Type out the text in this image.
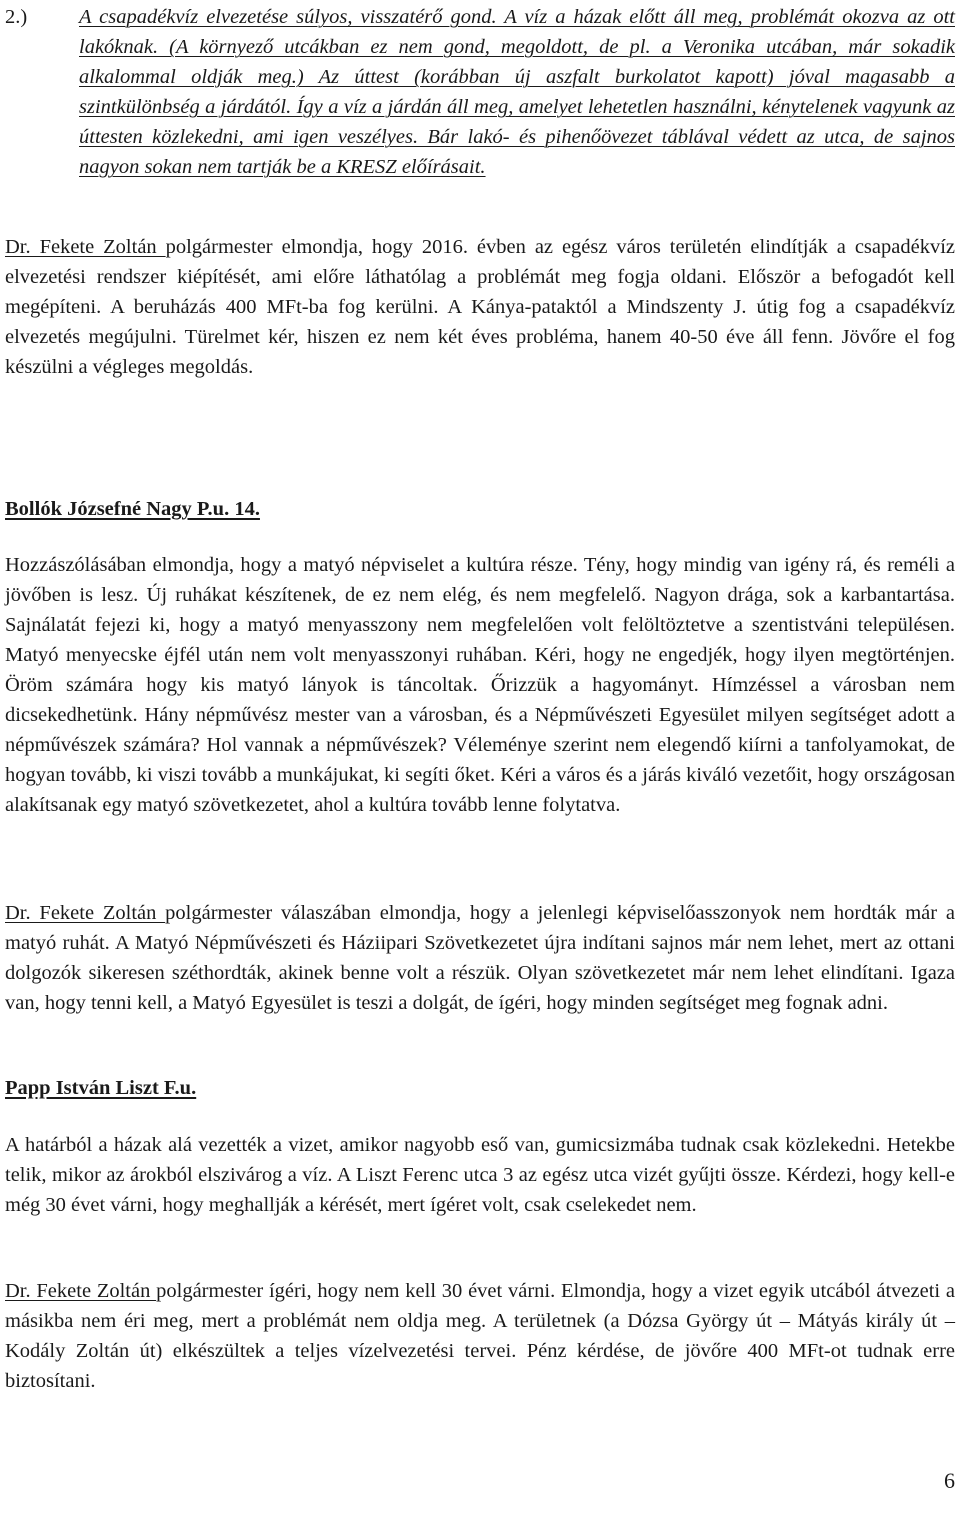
2.)	A csapadékvíz elvezetése súlyos, visszatérő gond. A víz a házak előtt áll meg, problémát okozva az ott lakóknak. (A környező utcákban ez nem gond, megoldott, de pl. a Veronika utcában, már sokadik alkalommal oldják meg.) Az úttest (korábban új aszfalt burkolatot kapott) jóval magasabb a szintkülönbség a járdától. Így a víz a járdán áll meg, amelyet lehetetlen használni, kénytelenek vagyunk az úttesten közlekedni, ami igen veszélyes. Bár lakó- és pihenőövezet táblával védett az utca, de sajnos nagyon sokan nem tartják be a KRESZ előírásait.

Dr. Fekete Zoltán polgármester elmondja, hogy 2016. évben az egész város területén elindítják a csapadékvíz elvezetési rendszer kiépítését, ami előre láthatólag a problémát meg fogja oldani. Először a befogadót kell megépíteni. A beruházás 400 MFt-ba fog kerülni. A Kánya-pataktól a Mindszenty J. útig fog a csapadékvíz elvezetés megújulni. Türelmet kér, hiszen ez nem két éves probléma, hanem 40-50 éve áll fenn. Jövőre el fog készülni a végleges megoldás.

Bollók Józsefné Nagy P.u. 14.

Hozzászólásában elmondja, hogy a matyó népviselet a kultúra része. Tény, hogy mindig van igény rá, és reméli a jövőben is lesz. Új ruhákat készítenek, de ez nem elég, és nem megfelelő. Nagyon drága, sok a karbantartása. Sajnálatát fejezi ki, hogy a matyó menyasszony nem megfelelően volt felöltöztetve a szentistváni településen. Matyó menyecske éjfél után nem volt menyasszonyi ruhában. Kéri, hogy ne engedjék, hogy ilyen megtörténjen. Öröm számára hogy kis matyó lányok is táncoltak. Őrizzük a hagyományt. Hímzéssel a városban nem dicsekedhetünk. Hány népművész mester van a városban, és a Népművészeti Egyesület milyen segítséget adott a népművészek számára? Hol vannak a népművészek? Véleménye szerint nem elegendő kiírni a tanfolyamokat, de hogyan tovább, ki viszi tovább a munkájukat, ki segíti őket. Kéri a város és a járás kiváló vezetőit, hogy országosan alakítsanak egy matyó szövetkezetet, ahol a kultúra tovább lenne folytatva.

Dr. Fekete Zoltán polgármester válaszában elmondja, hogy a jelenlegi képviselőasszonyok nem hordták már a matyó ruhát. A Matyó Népművészeti és Háziipari Szövetkezetet újra indítani sajnos már nem lehet, mert az ottani dolgozók sikeresen széthordták, akinek benne volt a részük. Olyan szövetkezetet már nem lehet elindítani. Igaza van, hogy tenni kell, a Matyó Egyesület is teszi a dolgát, de ígéri, hogy minden segítséget meg fognak adni.

Papp István Liszt F.u.

A határból a házak alá vezették a vizet, amikor nagyobb eső van, gumicsizmába tudnak csak közlekedni. Hetekbe telik, mikor az árokból elszivárog a víz. A Liszt Ferenc utca 3 az egész utca vizét gyűjti össze. Kérdezi, hogy kell-e még 30 évet várni, hogy meghallják a kérését, mert ígéret volt, csak cselekedet nem.

Dr. Fekete Zoltán polgármester ígéri, hogy nem kell 30 évet várni. Elmondja, hogy a vizet egyik utcából átvezeti a másikba nem éri meg, mert a problémát nem oldja meg. A területnek (a Dózsa György út – Mátyás király út – Kodály Zoltán út) elkészültek a teljes vízelvezetési tervei. Pénz kérdése, de jövőre 400 MFt-ot tudnak erre biztosítani.

6
